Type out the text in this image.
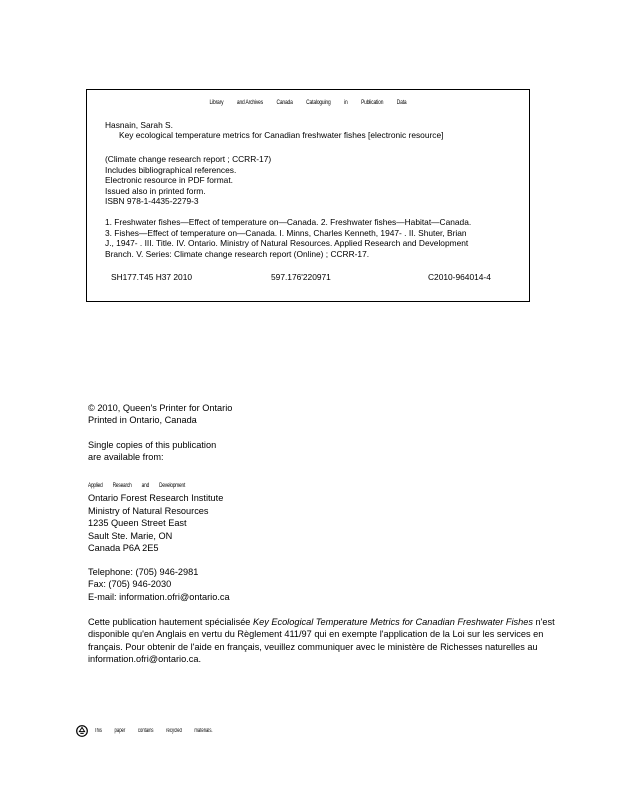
Library and Archives Canada Cataloguing in Publication Data
Hasnain, Sarah S.
Key ecological temperature metrics for Canadian freshwater fishes [electronic resource]
(Climate change research report ; CCRR-17)
Includes bibliographical references.
Electronic resource in PDF format.
Issued also in printed form.
ISBN 978-1-4435-2279-3
1. Freshwater fishes—Effect of temperature on—Canada. 2. Freshwater fishes—Habitat—Canada.
3. Fishes—Effect of temperature on—Canada. I. Minns, Charles Kenneth, 1947- . II. Shuter, Brian
J., 1947- . III. Title. IV. Ontario. Ministry of Natural Resources. Applied Research and Development
Branch. V. Series: Climate change research report (Online) ; CCRR-17.
SH177.T45 H37 2010	597.176'220971	C2010-964014-4
© 2010, Queen's Printer for Ontario
Printed in Ontario, Canada
Single copies of this publication
are available from:
Applied Research and Development
Ontario Forest Research Institute
Ministry of Natural Resources
1235 Queen Street East
Sault Ste. Marie, ON
Canada P6A 2E5
Telephone: (705) 946-2981
Fax: (705) 946-2030
E-mail: information.ofri@ontario.ca
Cette publication hautement spécialisée Key Ecological Temperature Metrics for Canadian Freshwater Fishes n'est disponible qu'en Anglais en vertu du Règlement 411/97 qui en exempte l'application de la Loi sur les services en français. Pour obtenir de l'aide en français, veuillez communiquer avec le ministère de Richesses naturelles au information.ofri@ontario.ca.
This paper contains recycled materials.
